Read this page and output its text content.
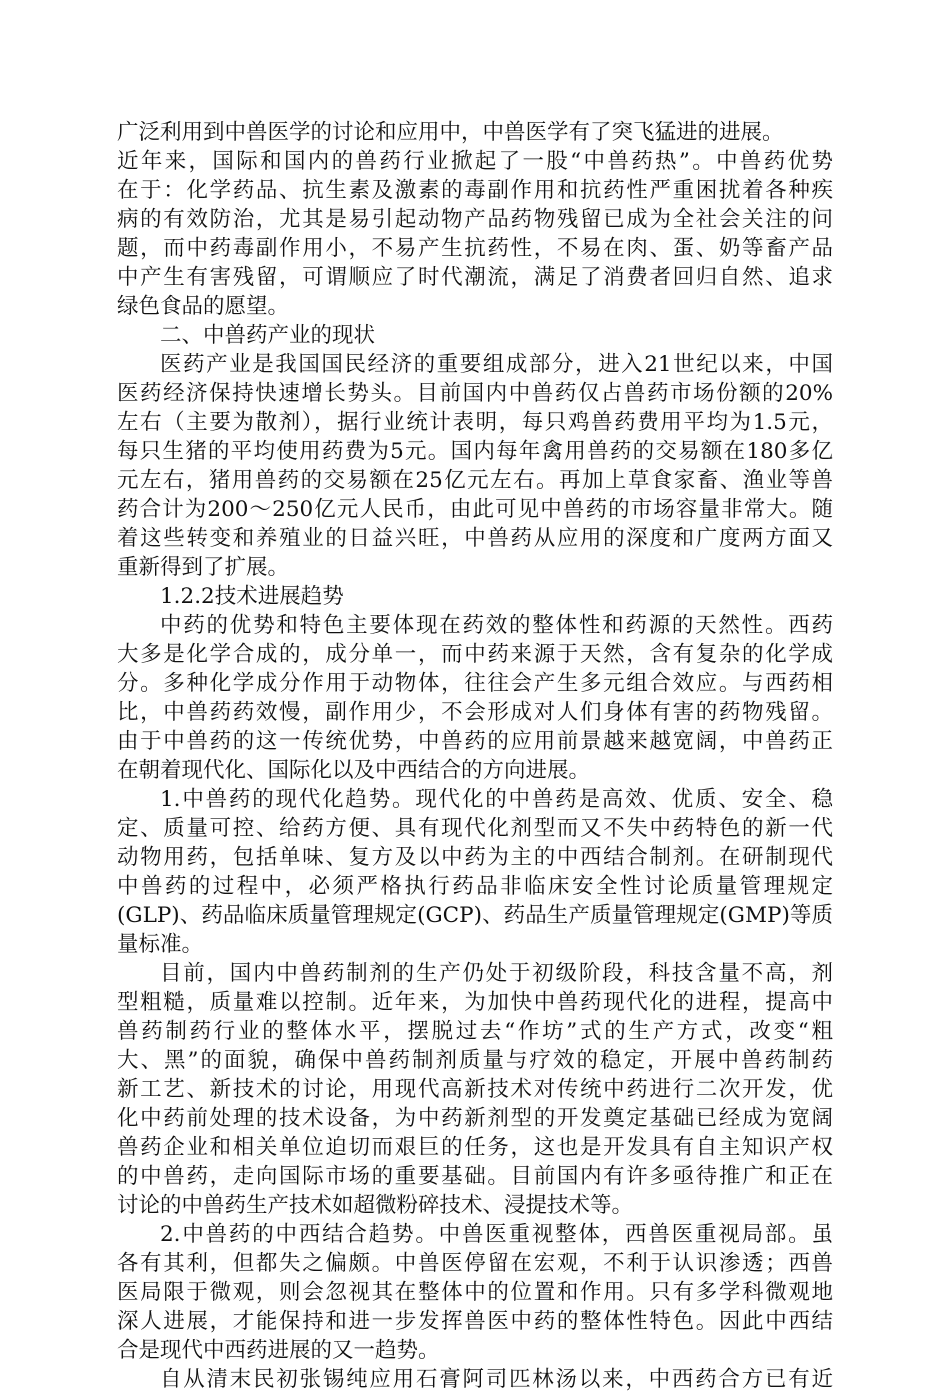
广泛利用到中兽医学的讨论和应用中，中兽医学有了突飞猛进的进展。
近年来，国际和国内的兽药行业掀起了一股“中兽药热”。中兽药优势
在于：化学药品、抗生素及激素的毒副作用和抗药性严重困扰着各种疾
病的有效防治，尤其是易引起动物产品药物残留已成为全社会关注的问
题，而中药毒副作用小，不易产生抗药性，不易在肉、蛋、奶等畜产品
中产生有害残留，可谓顺应了时代潮流，满足了消费者回归自然、追求
绿色食品的愿望。
二、中兽药产业的现状
医药产业是我国国民经济的重要组成部分，进入21世纪以来，中国
医药经济保持快速增长势头。目前国内中兽药仅占兽药市场份额的20%
左右（主要为散剂），据行业统计表明，每只鸡兽药费用平均为1.5元，
每只生猪的平均使用药费为5元。国内每年禽用兽药的交易额在180多亿
元左右，猪用兽药的交易额在25亿元左右。再加上草食家畜、渔业等兽
药合计为200～250亿元人民币，由此可见中兽药的市场容量非常大。随
着这些转变和养殖业的日益兴旺，中兽药从应用的深度和广度两方面又
重新得到了扩展。
1.2.2技术进展趋势
中药的优势和特色主要体现在药效的整体性和药源的天然性。西药
大多是化学合成的，成分单一，而中药来源于天然，含有复杂的化学成
分。多种化学成分作用于动物体，往往会产生多元组合效应。与西药相
比，中兽药药效慢，副作用少，不会形成对人们身体有害的药物残留。
由于中兽药的这一传统优势，中兽药的应用前景越来越宽阔，中兽药正
在朝着现代化、国际化以及中西结合的方向进展。
1.中兽药的现代化趋势。现代化的中兽药是高效、优质、安全、稳
定、质量可控、给药方便、具有现代化剂型而又不失中药特色的新一代
动物用药，包括单味、复方及以中药为主的中西结合制剂。在研制现代
中兽药的过程中，必须严格执行药品非临床安全性讨论质量管理规定
(GLP)、药品临床质量管理规定(GCP)、药品生产质量管理规定(GMP)等质
量标准。
目前，国内中兽药制剂的生产仍处于初级阶段，科技含量不高，剂
型粗糙，质量难以控制。近年来，为加快中兽药现代化的进程，提高中
兽药制药行业的整体水平，摆脱过去“作坊”式的生产方式，改变“粗
大、黑”的面貌，确保中兽药制剂质量与疗效的稳定，开展中兽药制药
新工艺、新技术的讨论，用现代高新技术对传统中药进行二次开发，优
化中药前处理的技术设备，为中药新剂型的开发奠定基础已经成为宽阔
兽药企业和相关单位迫切而艰巨的任务，这也是开发具有自主知识产权
的中兽药，走向国际市场的重要基础。目前国内有许多亟待推广和正在
讨论的中兽药生产技术如超微粉碎技术、浸提技术等。
2.中兽药的中西结合趋势。中兽医重视整体，西兽医重视局部。虽
各有其利，但都失之偏颇。中兽医停留在宏观，不利于认识渗透；西兽
医局限于微观，则会忽视其在整体中的位置和作用。只有多学科微观地
深人进展，才能保持和进一步发挥兽医中药的整体性特色。因此中西结
合是现代中西药进展的又一趋势。
自从清末民初张锡纯应用石膏阿司匹林汤以来，中西药合方已有近
